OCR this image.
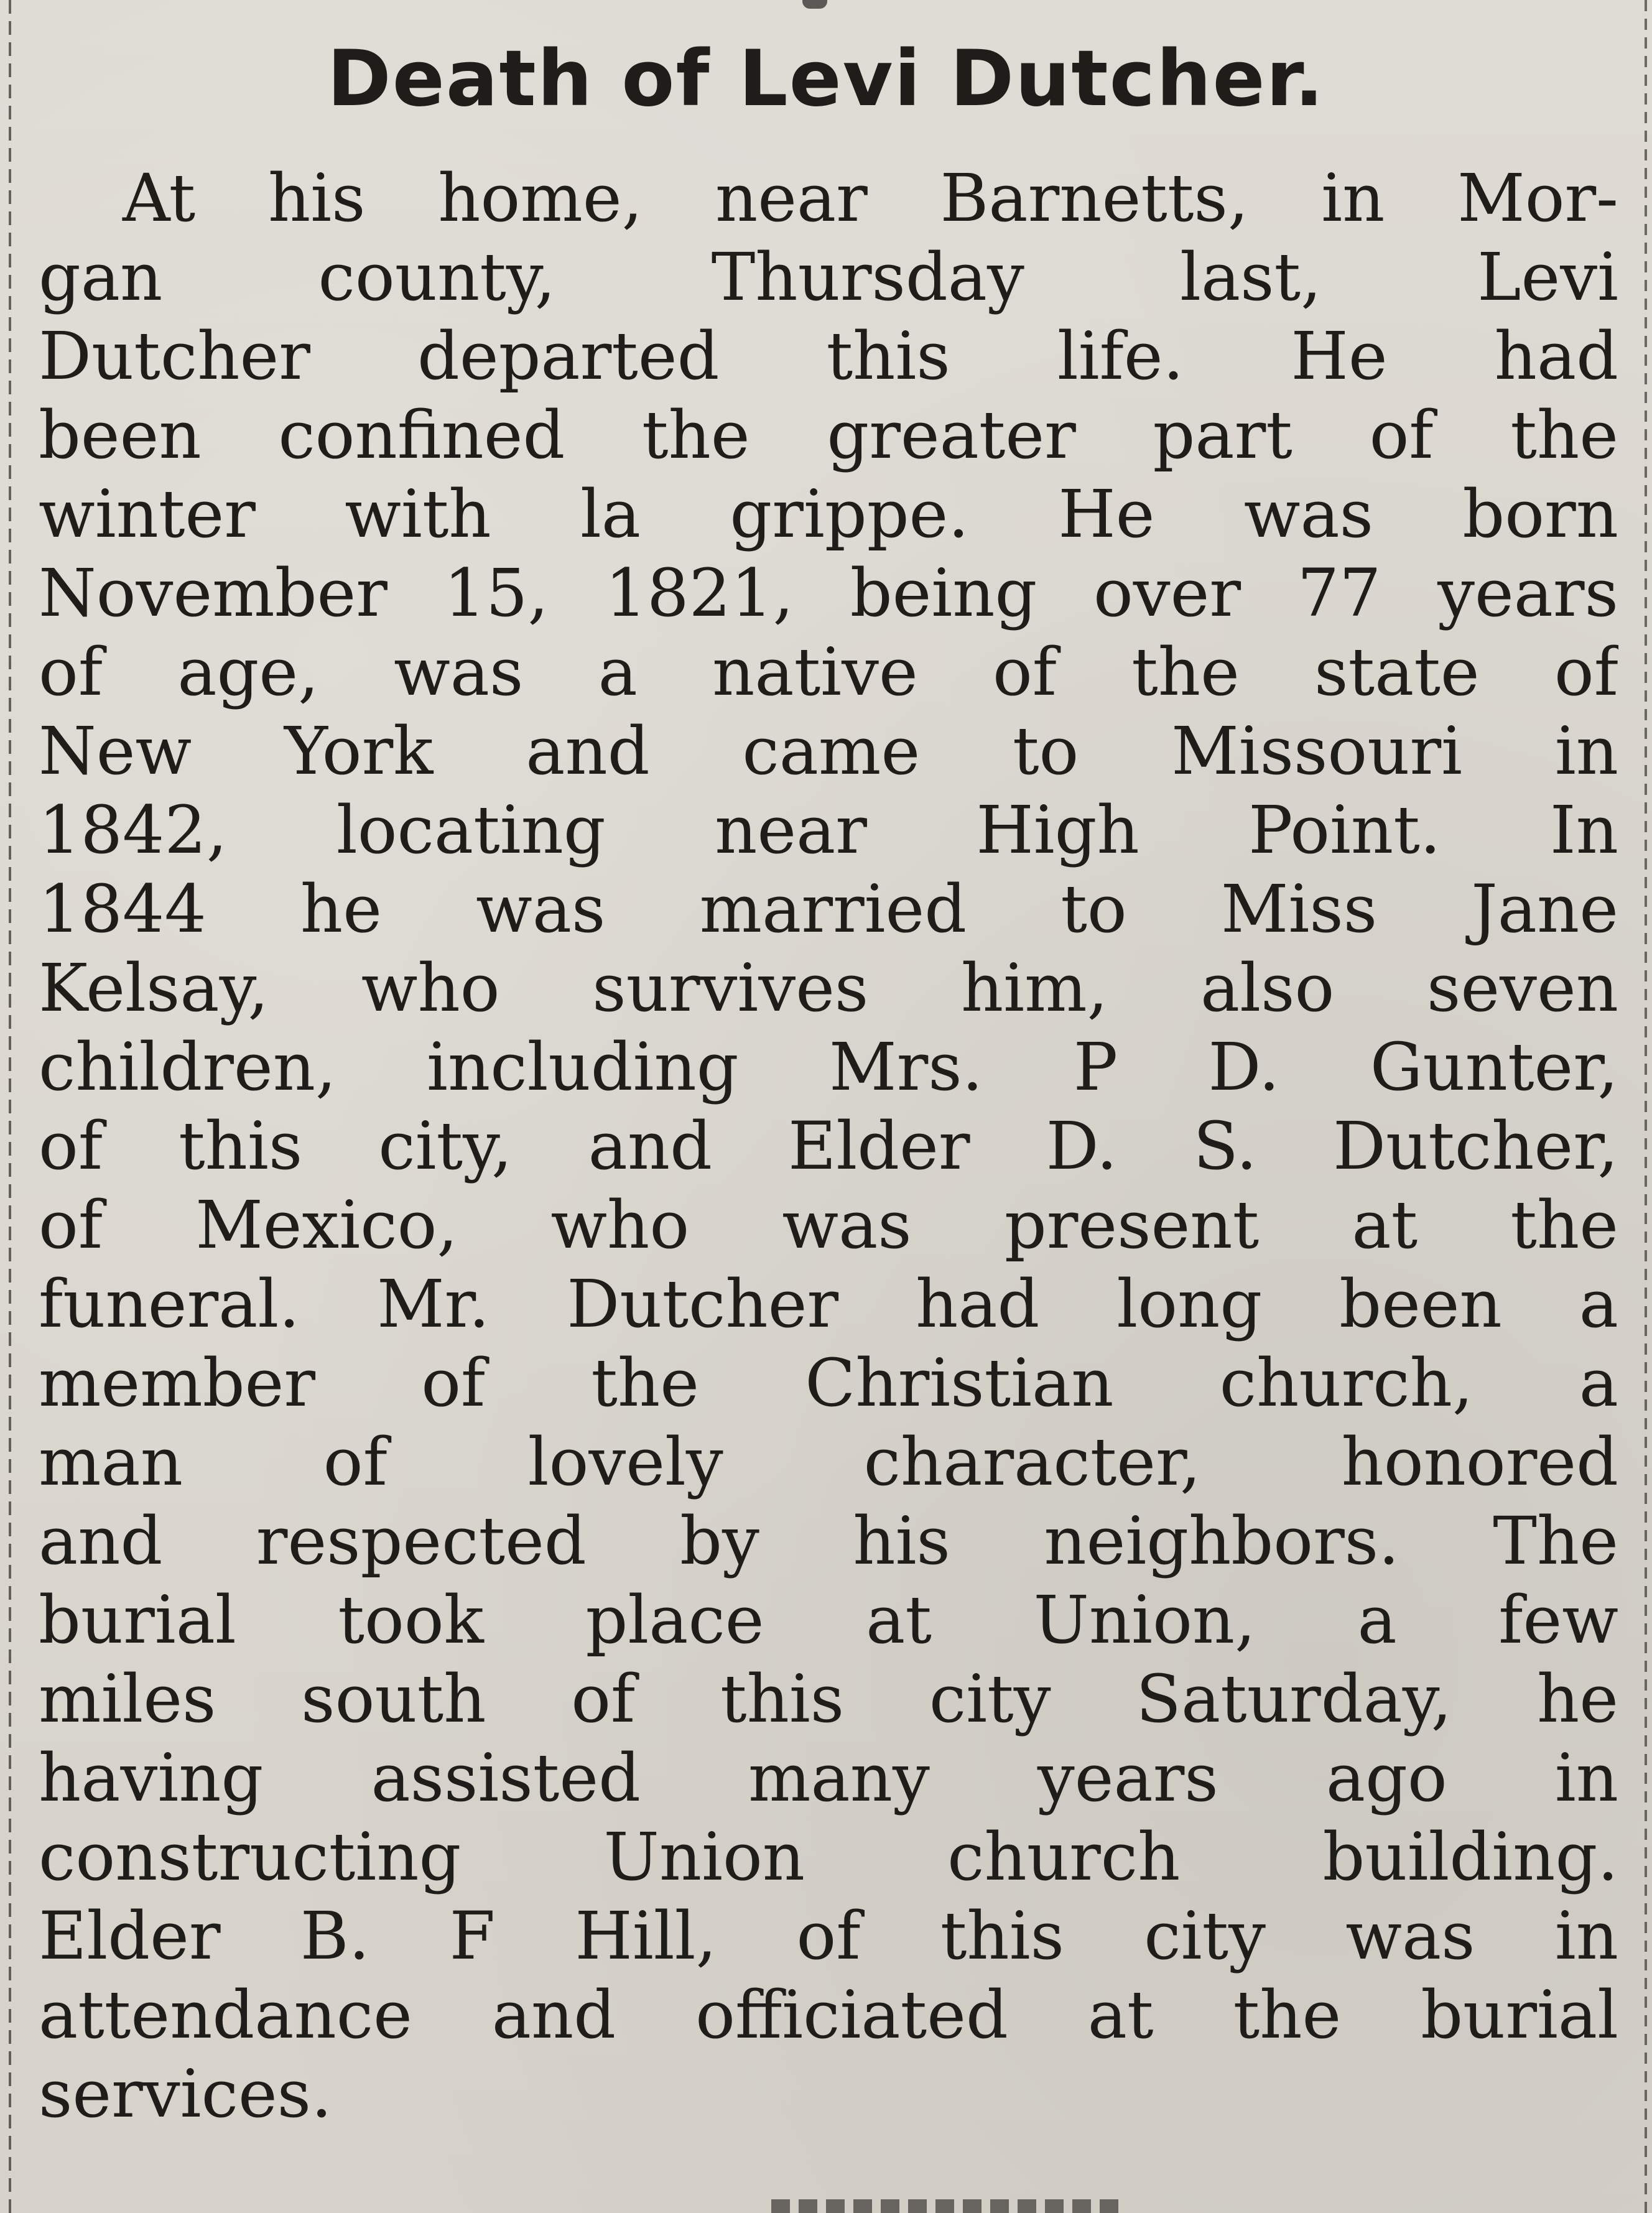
Death of Levi Dutcher.
At his home, near Barnetts, in Mor-
gan county, Thursday last, Levi
Dutcher departed this life. He had
been confined the greater part of the
winter with la grippe. He was born
November 15, 1821, being over 77 years
of age, was a native of the state of
New York and came to Missouri in
1842, locating near High Point. In
1844 he was married to Miss Jane
Kelsay, who survives him, also seven
children, including Mrs. P D. Gunter,
of this city, and Elder D. S. Dutcher,
of Mexico, who was present at the
funeral. Mr. Dutcher had long been a
member of the Christian church, a
man of lovely character, honored
and respected by his neighbors. The
burial took place at Union, a few
miles south of this city Saturday, he
having assisted many years ago in
constructing Union church building.
Elder B. F Hill, of this city was in
attendance and officiated at the burial
services.
